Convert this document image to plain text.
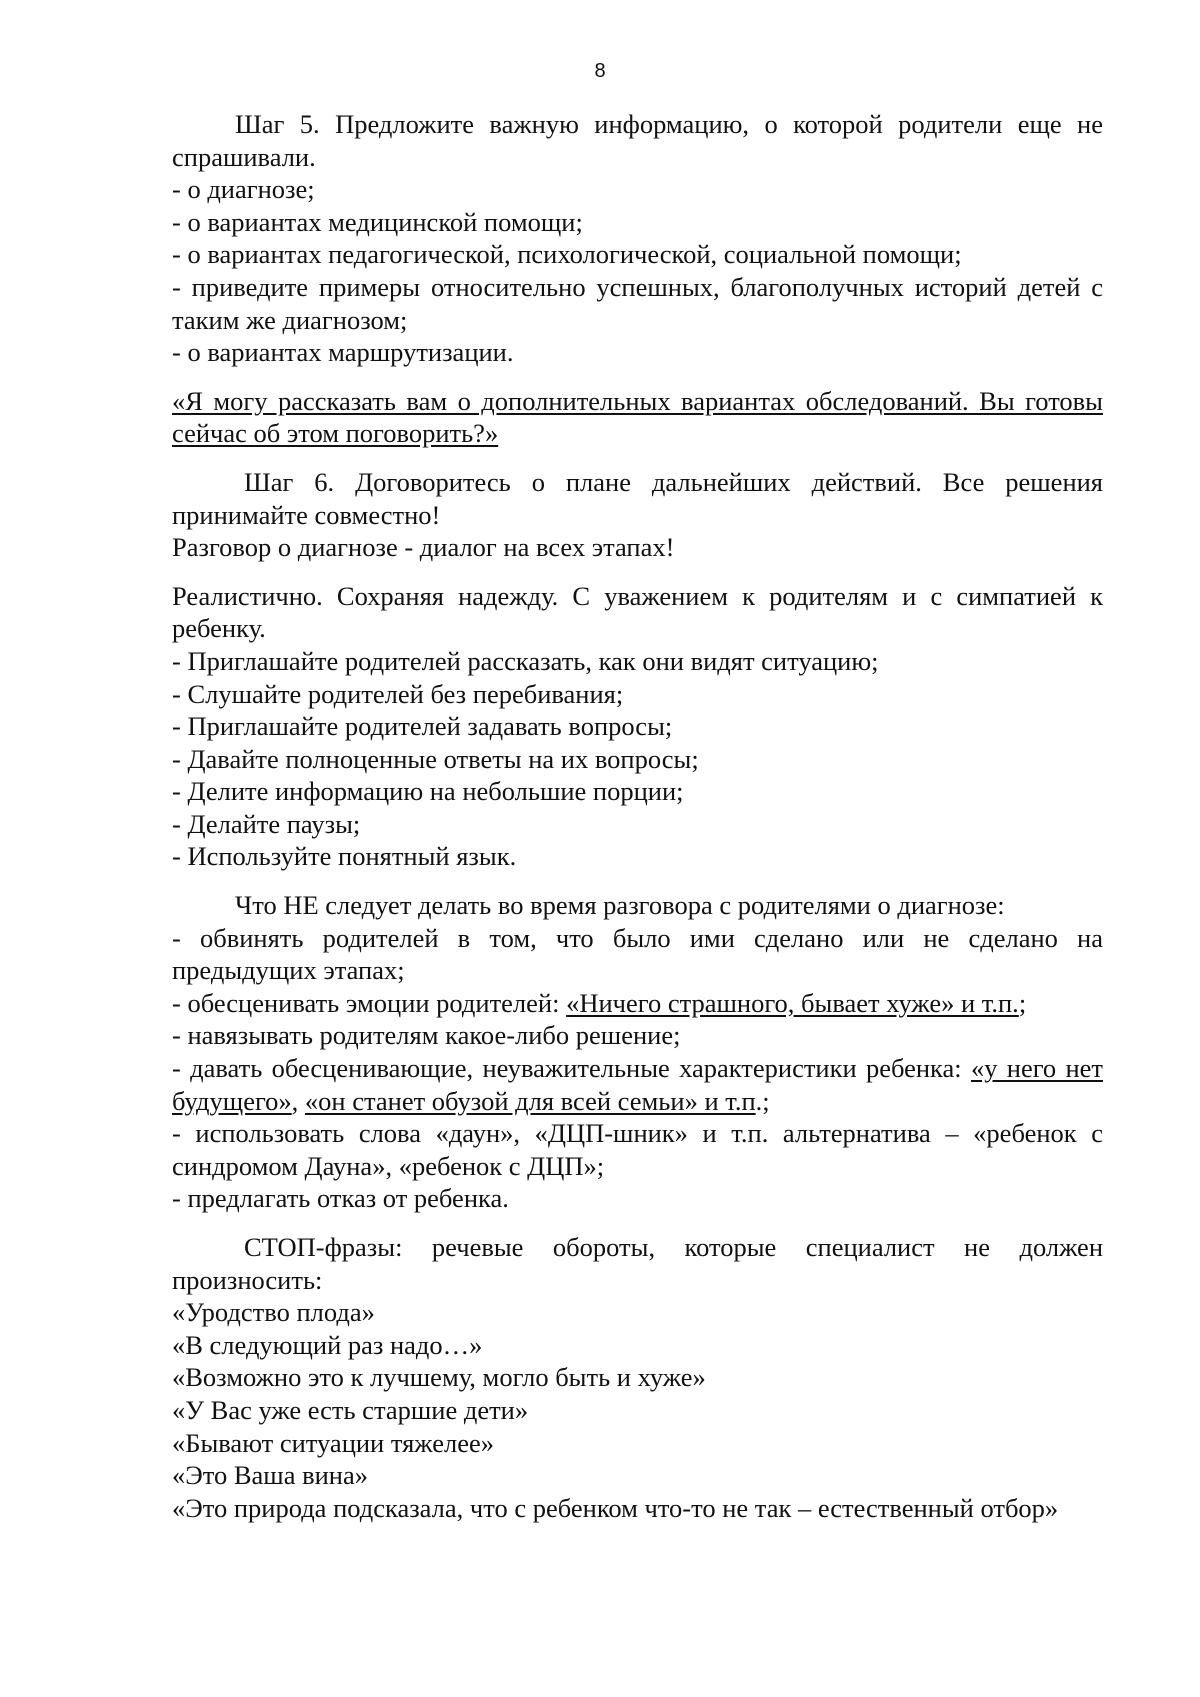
8

Шаг 5. Предложите важную информацию, о которой родители еще не спрашивали.

- о диагнозе;

- о вариантах медицинской помощи;

- о вариантах педагогической, психологической, социальной помощи;

- приведите примеры относительно успешных, благополучных историй детей с таким же диагнозом;

- о вариантах маршрутизации.

«Я могу рассказать вам о дополнительных вариантах обследований. Вы готовы сейчас об этом поговорить?»

Шаг 6. Договоритесь о плане дальнейших действий. Все решения принимайте совместно!

Разговор о диагнозе - диалог на всех этапах!

Реалистично. Сохраняя надежду. С уважением к родителям и с симпатией к ребенку.

- Приглашайте родителей рассказать, как они видят ситуацию;

- Слушайте родителей без перебивания;

- Приглашайте родителей задавать вопросы;

- Давайте полноценные ответы на их вопросы;

- Делите информацию на небольшие порции;

- Делайте паузы;

- Используйте понятный язык.

Что НЕ следует делать во время разговора с родителями о диагнозе:

- обвинять родителей в том, что было ими сделано или не сделано на предыдущих этапах;

- обесценивать эмоции родителей: «Ничего страшного, бывает хуже» и т.п.;

- навязывать родителям какое-либо решение;

- давать обесценивающие, неуважительные характеристики ребенка: «у него нет будущего», «он станет обузой для всей семьи» и т.п.;

- использовать слова «даун», «ДЦП-шник» и т.п. альтернатива – «ребенок с синдромом Дауна», «ребенок с ДЦП»;

- предлагать отказ от ребенка.

СТОП-фразы: речевые обороты, которые специалист не должен произносить:

«Уродство плода»

«В следующий раз надо…»

«Возможно это к лучшему, могло быть и хуже»

«У Вас уже есть старшие дети»

«Бывают ситуации тяжелее»

«Это Ваша вина»

«Это природа подсказала, что с ребенком что-то не так – естественный отбор»
